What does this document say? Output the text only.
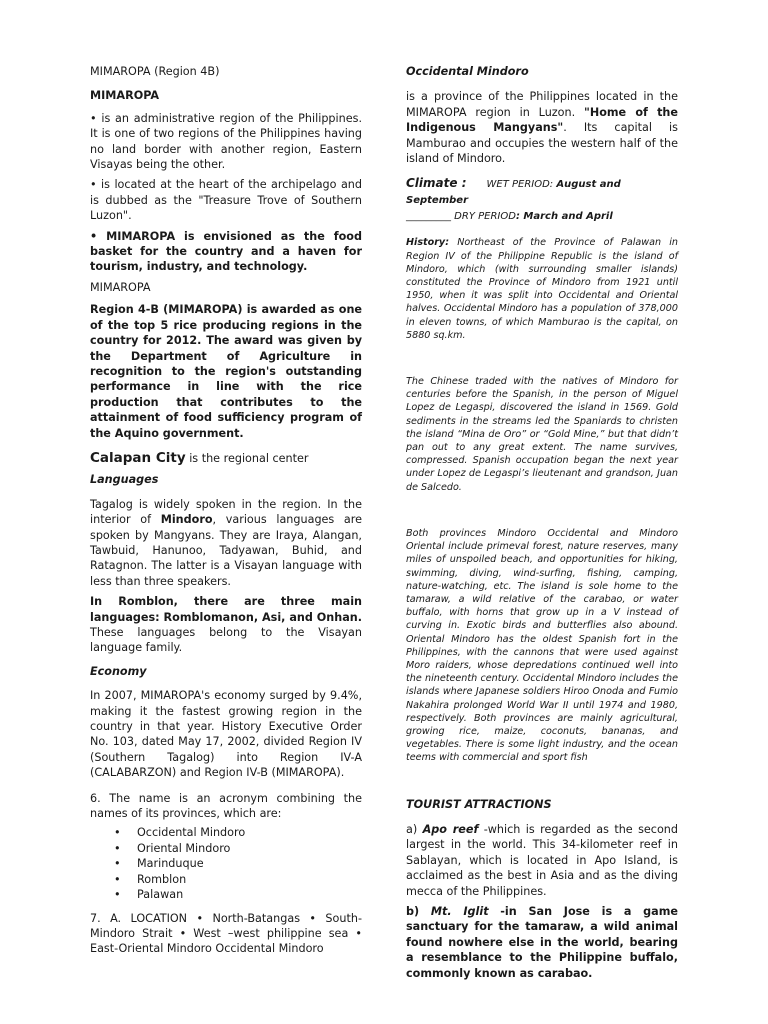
MIMAROPA (Region 4B)

MIMAROPA

• is an administrative region of the Philippines. It is one of two regions of the Philippines having no land border with another region, Eastern Visayas being the other.

• is located at the heart of the archipelago and is dubbed as the "Treasure Trove of Southern Luzon".

• MIMAROPA is envisioned as the food basket for the country and a haven for tourism, industry, and technology.

MIMAROPA

Region 4-B (MIMAROPA) is awarded as one of the top 5 rice producing regions in the country for 2012. The award was given by the Department of Agriculture in recognition to the region's outstanding performance in line with the rice production that contributes to the attainment of food sufficiency program of the Aquino government.

Calapan City is the regional center

Languages

Tagalog is widely spoken in the region. In the interior of Mindoro, various languages are spoken by Mangyans. They are Iraya, Alangan, Tawbuid, Hanunoo, Tadyawan, Buhid, and Ratagnon. The latter is a Visayan language with less than three speakers.

In Romblon, there are three main languages: Romblomanon, Asi, and Onhan. These languages belong to the Visayan language family.

Economy

In 2007, MIMAROPA's economy surged by 9.4%, making it the fastest growing region in the country in that year. History Executive Order No. 103, dated May 17, 2002, divided Region IV (Southern Tagalog) into Region IV-A (CALABARZON) and Region IV-B (MIMAROPA).

6. The name is an acronym combining the names of its provinces, which are:

• Occidental Mindoro
• Oriental Mindoro
• Marinduque
• Romblon
• Palawan

7. A. LOCATION • North-Batangas • South- Mindoro Strait • West –west philippine sea • East-Oriental Mindoro Occidental Mindoro

Occidental Mindoro

is a province of the Philippines located in the MIMAROPA region in Luzon. "Home of the Indigenous Mangyans". Its capital is Mamburao and occupies the western half of the island of Mindoro.

Climate : WET PERIOD: August and September
_________ DRY PERIOD: March and April

History: Northeast of the Province of Palawan in Region IV of the Philippine Republic is the island of Mindoro, which (with surrounding smaller islands) constituted the Province of Mindoro from 1921 until 1950, when it was split into Occidental and Oriental halves. Occidental Mindoro has a population of 378,000 in eleven towns, of which Mamburao is the capital, on 5880 sq.km.

The Chinese traded with the natives of Mindoro for centuries before the Spanish, in the person of Miguel Lopez de Legaspi, discovered the island in 1569. Gold sediments in the streams led the Spaniards to christen the island “Mina de Oro” or “Gold Mine,” but that didn’t pan out to any great extent. The name survives, compressed. Spanish occupation began the next year under Lopez de Legaspi’s lieutenant and grandson, Juan de Salcedo.

Both provinces Mindoro Occidental and Mindoro Oriental include primeval forest, nature reserves, many miles of unspoiled beach, and opportunities for hiking, swimming, diving, wind-surfing, fishing, camping, nature-watching, etc. The island is sole home to the tamaraw, a wild relative of the carabao, or water buffalo, with horns that grow up in a V instead of curving in. Exotic birds and butterflies also abound. Oriental Mindoro has the oldest Spanish fort in the Philippines, with the cannons that were used against Moro raiders, whose depredations continued well into the nineteenth century. Occidental Mindoro includes the islands where Japanese soldiers Hiroo Onoda and Fumio Nakahira prolonged World War II until 1974 and 1980, respectively. Both provinces are mainly agricultural, growing rice, maize, coconuts, bananas, and vegetables. There is some light industry, and the ocean teems with commercial and sport fish

TOURIST ATTRACTIONS

a) Apo reef -which is regarded as the second largest in the world. This 34-kilometer reef in Sablayan, which is located in Apo Island, is acclaimed as the best in Asia and as the diving mecca of the Philippines.

b) Mt. Iglit -in San Jose is a game sanctuary for the tamaraw, a wild animal found nowhere else in the world, bearing a resemblance to the Philippine buffalo, commonly known as carabao.
